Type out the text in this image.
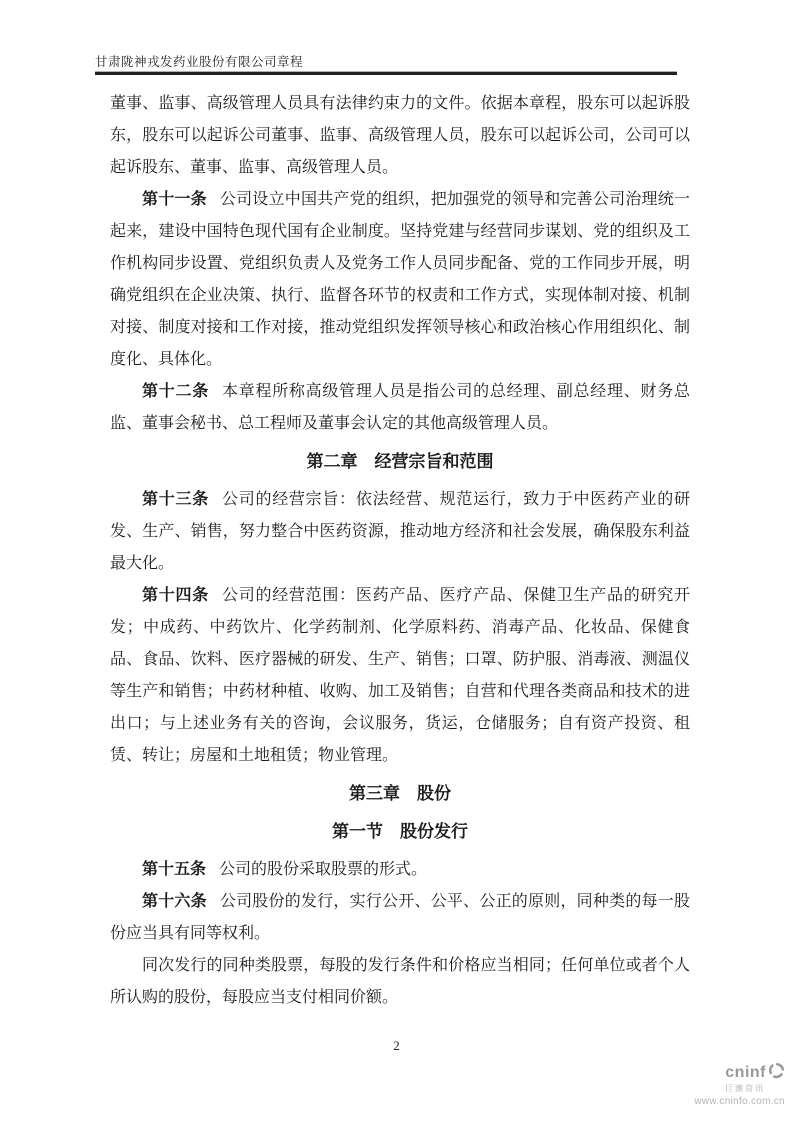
甘肃陇神戎发药业股份有限公司章程

董事、监事、高级管理人员具有法律约束力的文件。依据本章程，股东可以起诉股东，股东可以起诉公司董事、监事、高级管理人员，股东可以起诉公司，公司可以起诉股东、董事、监事、高级管理人员。

第十一条 公司设立中国共产党的组织，把加强党的领导和完善公司治理统一起来，建设中国特色现代国有企业制度。坚持党建与经营同步谋划、党的组织及工作机构同步设置、党组织负责人及党务工作人员同步配备、党的工作同步开展，明确党组织在企业决策、执行、监督各环节的权责和工作方式，实现体制对接、机制对接、制度对接和工作对接，推动党组织发挥领导核心和政治核心作用组织化、制度化、具体化。

第十二条 本章程所称高级管理人员是指公司的总经理、副总经理、财务总监、董事会秘书、总工程师及董事会认定的其他高级管理人员。

第二章　经营宗旨和范围

第十三条 公司的经营宗旨：依法经营、规范运行，致力于中医药产业的研发、生产、销售，努力整合中医药资源，推动地方经济和社会发展，确保股东利益最大化。

第十四条 公司的经营范围：医药产品、医疗产品、保健卫生产品的研究开发；中成药、中药饮片、化学药制剂、化学原料药、消毒产品、化妆品、保健食品、食品、饮料、医疗器械的研发、生产、销售；口罩、防护服、消毒液、测温仪等生产和销售；中药材种植、收购、加工及销售；自营和代理各类商品和技术的进出口；与上述业务有关的咨询，会议服务，货运，仓储服务；自有资产投资、租赁、转让；房屋和土地租赁；物业管理。

第三章　股份

第一节　股份发行

第十五条 公司的股份采取股票的形式。

第十六条 公司股份的发行，实行公开、公平、公正的原则，同种类的每一股份应当具有同等权利。

同次发行的同种类股票，每股的发行条件和价格应当相同；任何单位或者个人所认购的股份，每股应当支付相同价额。

2
cninf
巨潮资讯
www.cninfo.com.cn
